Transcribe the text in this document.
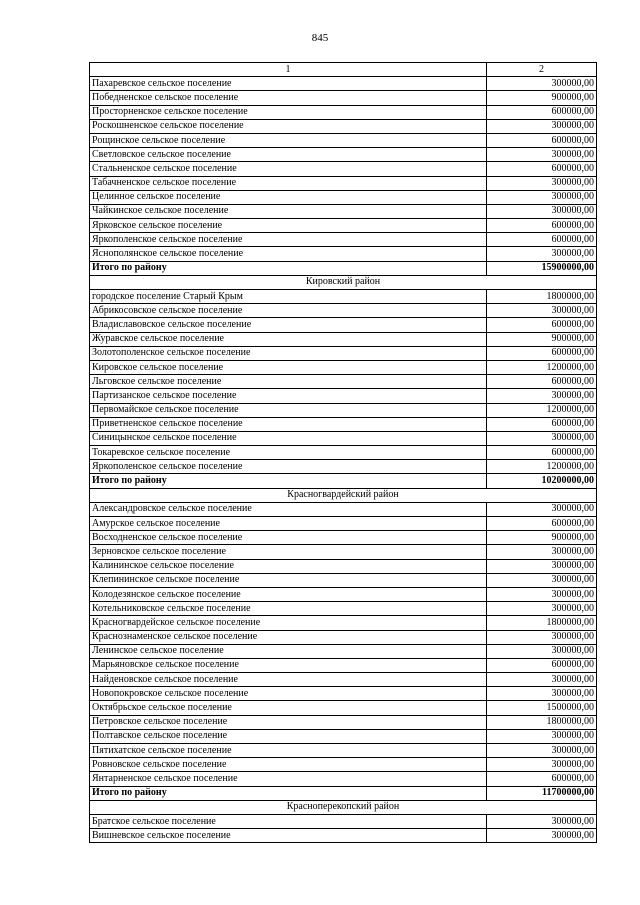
845
1	2
Пахаревское сельское поселение	300000,00
Победненское сельское поселение	900000,00
Просторненское сельское поселение	600000,00
Роскошненское сельское поселение	300000,00
Рощинское сельское поселение	600000,00
Светловское сельское поселение	300000,00
Стальненское сельское поселение	600000,00
Табачненское сельское поселение	300000,00
Целинное сельское поселение	300000,00
Чайкинское сельское поселение	300000,00
Ярковское сельское поселение	600000,00
Яркополенское сельское поселение	600000,00
Яснополянское сельское поселение	300000,00
Итого по району	15900000,00
Кировский район	
городское поселение Старый Крым	1800000,00
Абрикосовское сельское поселение	300000,00
Владиславовское сельское поселение	600000,00
Журавское сельское поселение	900000,00
Золотополенское сельское поселение	600000,00
Кировское сельское поселение	1200000,00
Льговское сельское поселение	600000,00
Партизанское сельское поселение	300000,00
Первомайское сельское поселение	1200000,00
Приветненское сельское поселение	600000,00
Синицынское сельское поселение	300000,00
Токаревское сельское поселение	600000,00
Яркополенское сельское поселение	1200000,00
Итого по району	10200000,00
Красногвардейский район	
Александровское сельское поселение	300000,00
Амурское сельское поселение	600000,00
Восходненское сельское поселение	900000,00
Зерновское сельское поселение	300000,00
Калининское сельское поселение	300000,00
Клепининское сельское поселение	300000,00
Колодезянское сельское поселение	300000,00
Котельниковское сельское поселение	300000,00
Красногвардейское сельское поселение	1800000,00
Краснознаменское сельское поселение	300000,00
Ленинское сельское поселение	300000,00
Марьяновское сельское поселение	600000,00
Найденовское сельское поселение	300000,00
Новопокровское сельское поселение	300000,00
Октябрьское сельское поселение	1500000,00
Петровское сельское поселение	1800000,00
Полтавское сельское поселение	300000,00
Пятихатское сельское поселение	300000,00
Ровновское сельское поселение	300000,00
Янтарненское сельское поселение	600000,00
Итого по району	11700000,00
Красноперекопский район	
Братское сельское поселение	300000,00
Вишневское сельское поселение	300000,00
